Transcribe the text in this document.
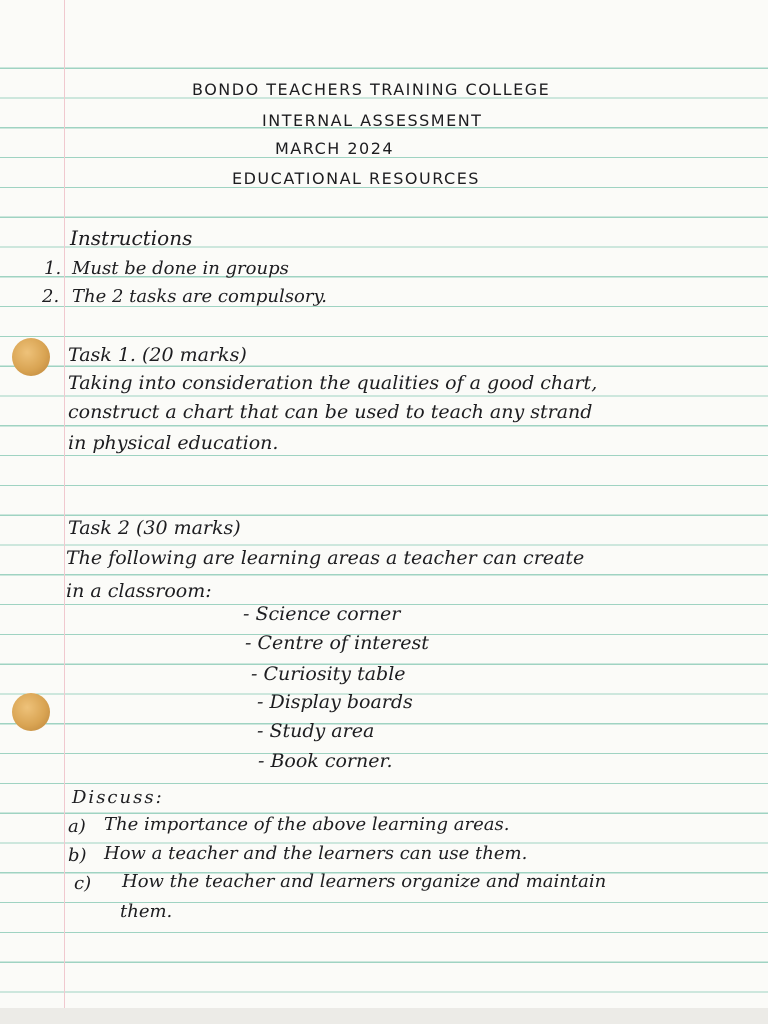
BONDO TEACHERS TRAINING COLLEGE
INTERNAL ASSESSMENT
MARCH 2024
EDUCATIONAL RESOURCES
Instructions
1. Must be done in groups
2. The 2 tasks are compulsory.
Task 1. (20 marks)
Taking into consideration the qualities of a good chart,
construct a chart that can be used to teach any strand
in physical education.
Task 2 (30 marks)
The following are learning areas a teacher can create
in a classroom:
- Science corner
- Centre of interest
- Curiosity table
- Display boards
- Study area
- Book corner.
Discuss:
a) The importance of the above learning areas.
b) How a teacher and the learners can use them.
c) How the teacher and learners organize and maintain
them.
